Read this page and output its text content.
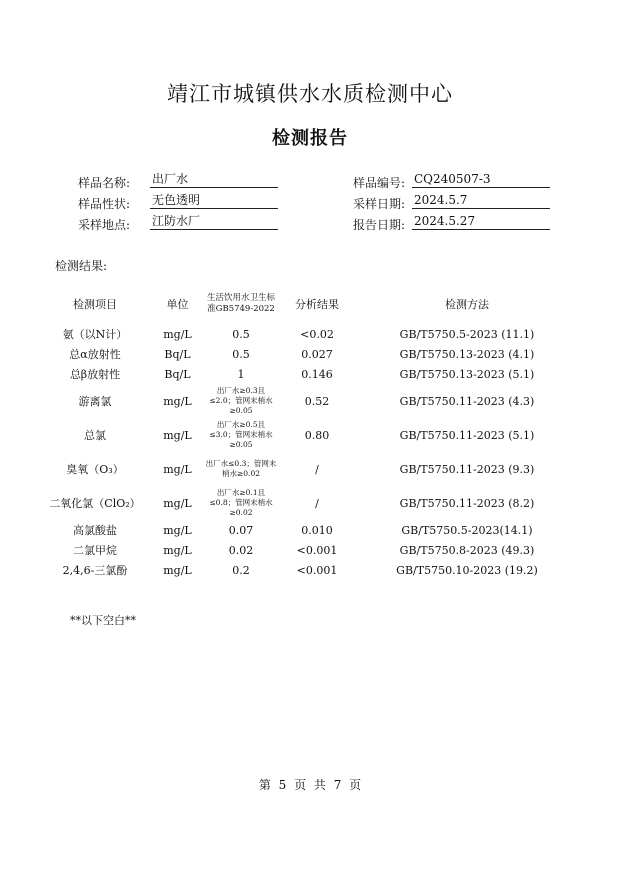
靖江市城镇供水水质检测中心
检测报告
样品名称: 出厂水
样品性状: 无色透明
采样地点: 江防水厂
样品编号: CQ240507-3
采样日期: 2024.5.7
报告日期: 2024.5.27
检测结果:
检测项目	单位	生活饮用水卫生标准GB5749-2022	分析结果	检测方法
氨（以N计）	mg/L	0.5	<0.02	GB/T5750.5-2023 (11.1)
总α放射性	Bq/L	0.5	0.027	GB/T5750.13-2023 (4.1)
总β放射性	Bq/L	1	0.146	GB/T5750.13-2023 (5.1)
游离氯	mg/L	出厂水≥0.3且≤2.0；管网末梢水≥0.05	0.52	GB/T5750.11-2023 (4.3)
总氯	mg/L	出厂水≥0.5且≤3.0；管网末梢水≥0.05	0.80	GB/T5750.11-2023 (5.1)
臭氧（O₃）	mg/L	出厂水≤0.3；管网末梢水≥0.02	/	GB/T5750.11-2023 (9.3)
二氧化氯（ClO₂）	mg/L	出厂水≥0.1且≤0.8；管网末梢水≥0.02	/	GB/T5750.11-2023 (8.2)
高氯酸盐	mg/L	0.07	0.010	GB/T5750.5-2023(14.1)
二氯甲烷	mg/L	0.02	<0.001	GB/T5750.8-2023 (49.3)
2,4,6-三氯酚	mg/L	0.2	<0.001	GB/T5750.10-2023 (19.2)
**以下空白**
第 5 页 共 7 页
